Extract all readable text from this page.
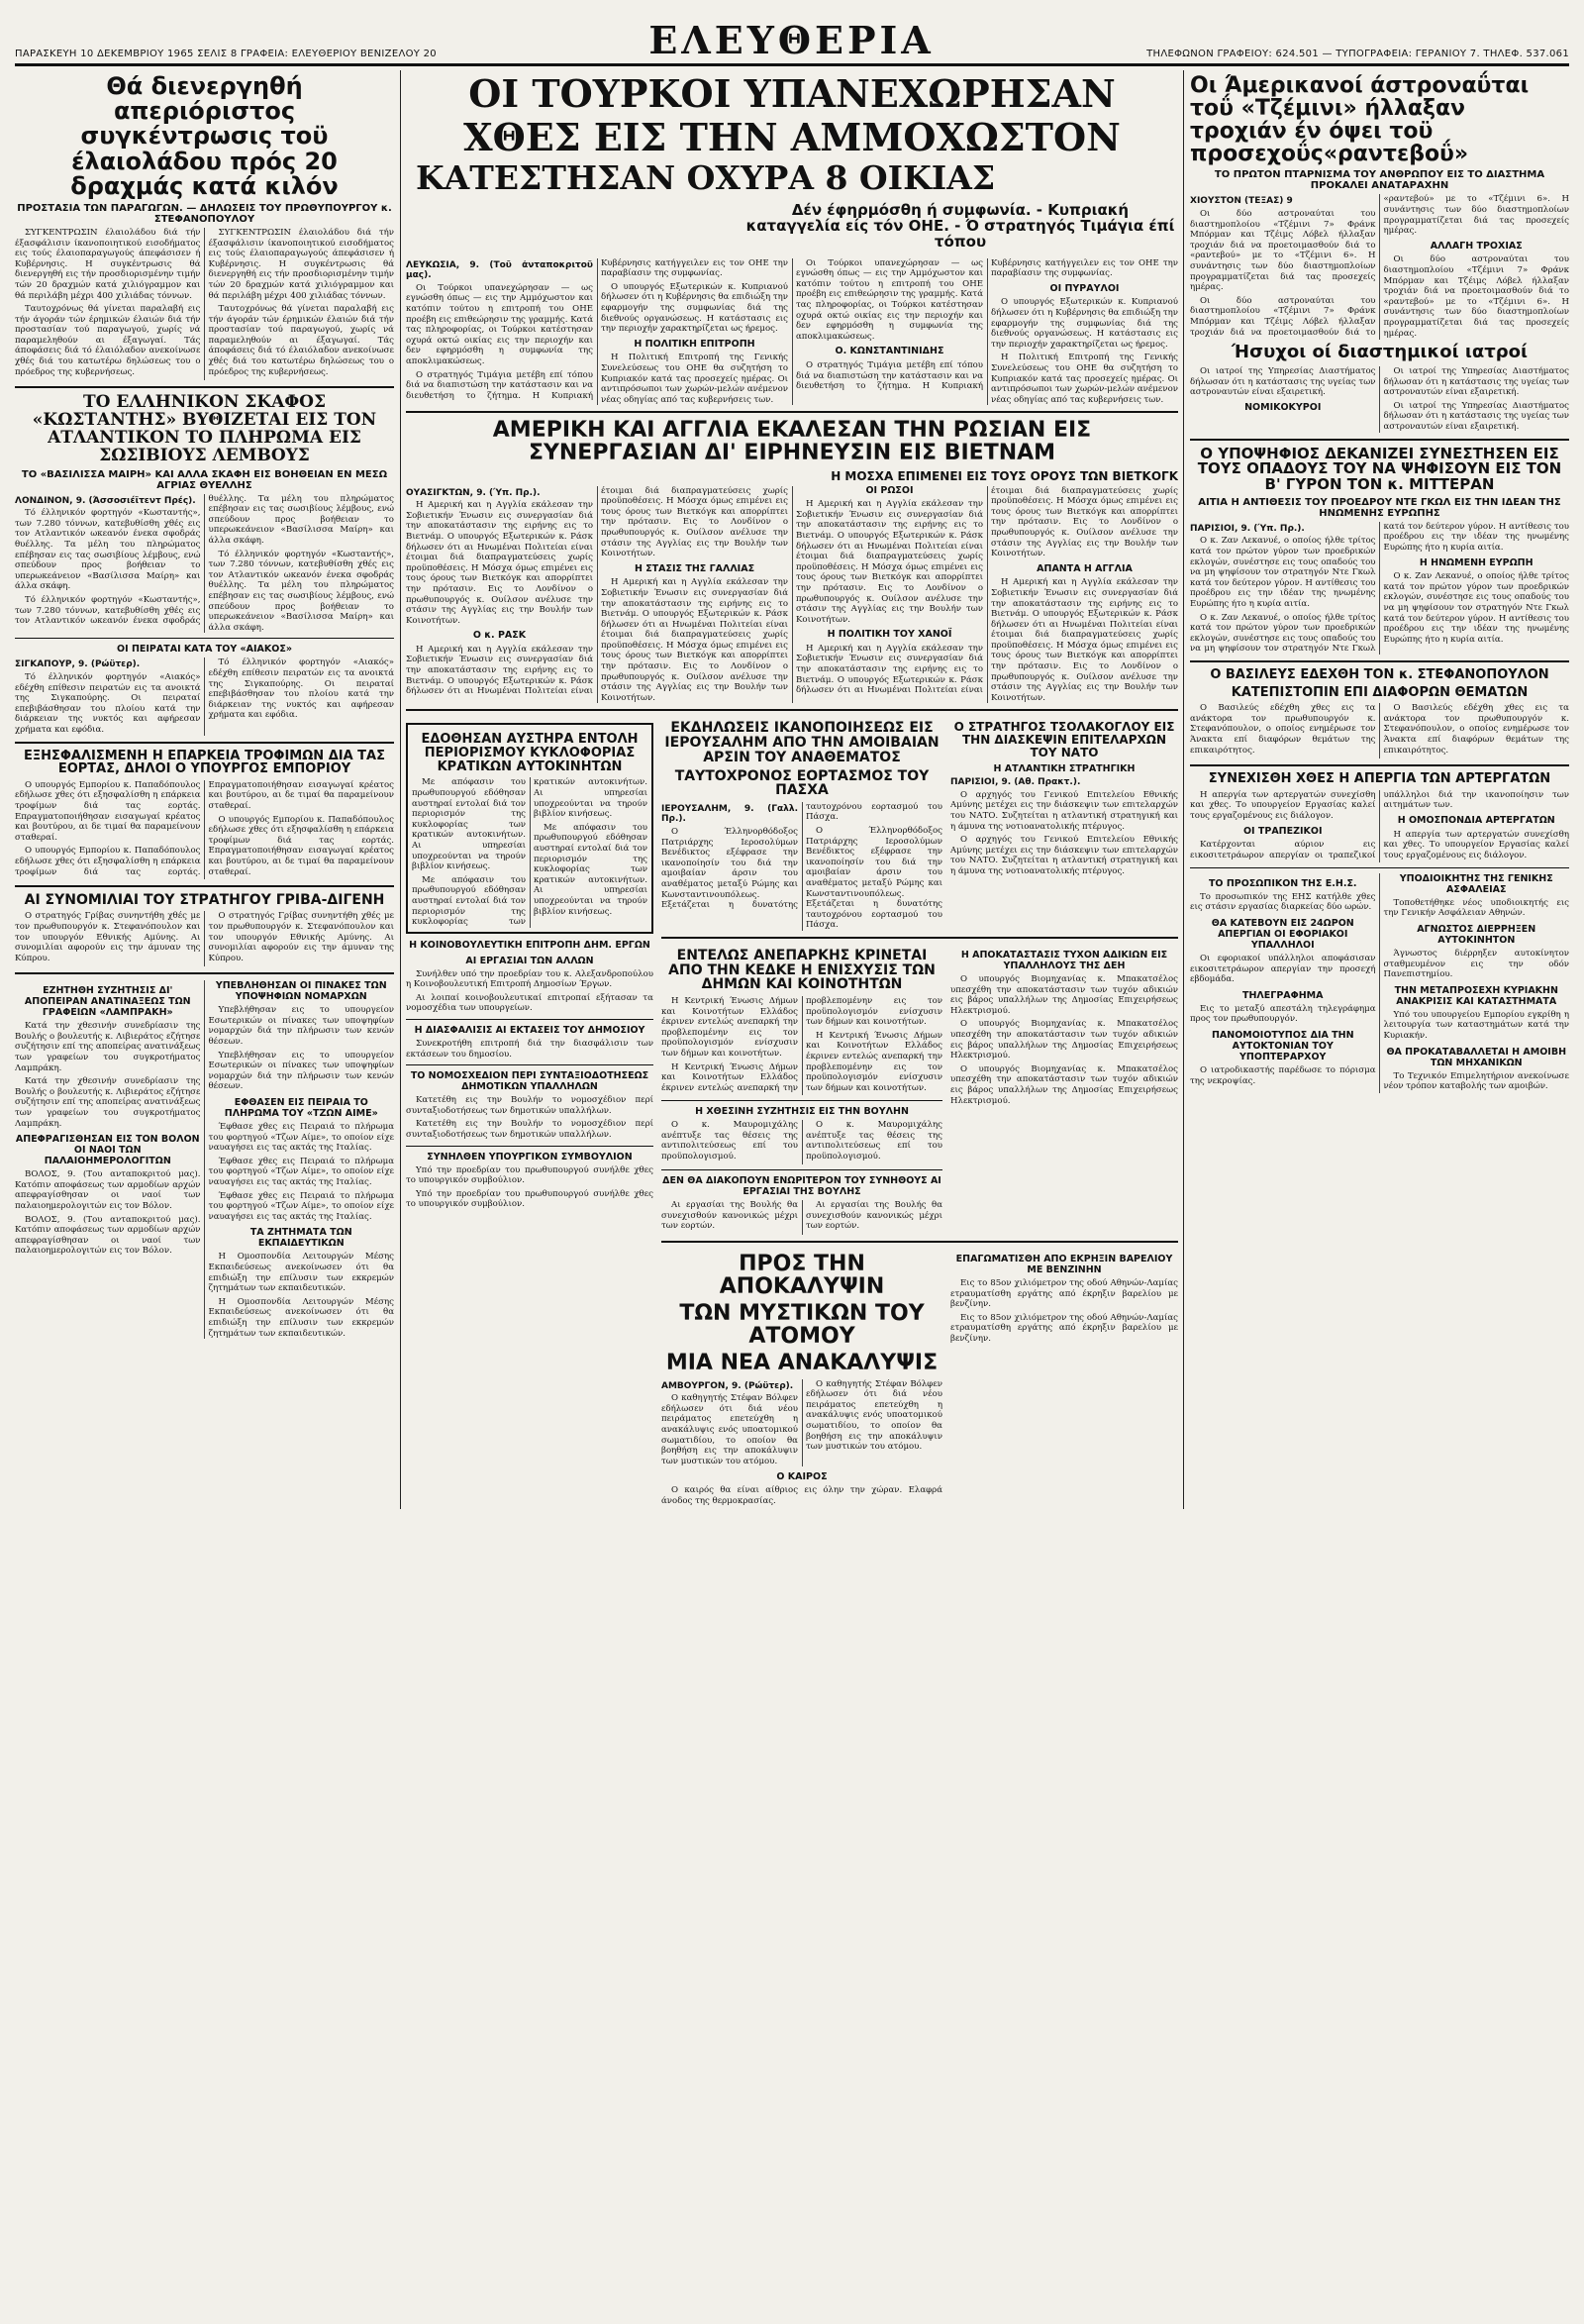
ΠΑΡΑΣΚΕΥΗ 10 ΔΕΚΕΜΒΡΙΟΥ 1965 ΣΕΛΙΣ 8 ΓΡΑΦΕΙΑ: ΕΛΕΥΘΕΡΙΟΥ ΒΕΝΙΖΕΛΟΥ 20	ΕΛΕΥΘΕΡΙΑ	ΤΗΛΕΦΩΝΟΝ ΓΡΑΦΕΙΟΥ: 624.501 — ΤΥΠΟΓΡΑΦΕΙΑ: ΓΕΡΑΝΙΟΥ 7. ΤΗΛΕΦ. 537.061
Θά διενεργηθή απεριόριστος συγκέντρωσις τοϋ έλαιολάδου πρός 20 δραχμάς κατά κιλόν
ΠΡΟΣΤΑΣΙΑ ΤΩΝ ΠΑΡΑΓΩΓΩΝ. — ΔΗΛΩΣΕΙΣ ΤΟΥ ΠΡΩΘΥΠΟΥΡΓΟΥ κ. ΣΤΕΦΑΝΟΠΟΥΛΟΥ

ΣΥΓΚΕΝΤΡΩΣΙΝ έλαιολάδου διά τήν έξασφάλισιν ίκανοποιητικού εισοδήματος εις τούς έλαιοπαραγωγούς άπεφάσισεν ή Κυβέρνησις. Η συγκέντρωσις θά διενεργηθή εις τήν προσδιορισμένην τιμήν τών 20 δραχμών κατά χιλιόγραμμον και θά περιλάβη μέχρι 400 χιλιάδας τόννων.

Ταυτοχρόνως θά γίνεται παραλαβή εις τήν άγοράν τών έρημικών έλαιών διά τήν προστασίαν τού παραγωγού, χωρίς νά παραμεληθούν αι έξαγωγαί. Τάς άποφάσεις διά τό έλαιόλαδον ανεκοίνωσε χθές διά του κατωτέρω δηλώσεως του ο πρόεδρος της κυβερνήσεως.

ΣΥΓΚΕΝΤΡΩΣΙΝ έλαιολάδου διά τήν έξασφάλισιν ίκανοποιητικού εισοδήματος εις τούς έλαιοπαραγωγούς άπεφάσισεν ή Κυβέρνησις. Η συγκέντρωσις θά διενεργηθή εις τήν προσδιορισμένην τιμήν τών 20 δραχμών κατά χιλιόγραμμον και θά περιλάβη μέχρι 400 χιλιάδας τόννων.

Ταυτοχρόνως θά γίνεται παραλαβή εις τήν άγοράν τών έρημικών έλαιών διά τήν προστασίαν τού παραγωγού, χωρίς νά παραμεληθούν αι έξαγωγαί. Τάς άποφάσεις διά τό έλαιόλαδον ανεκοίνωσε χθές διά του κατωτέρω δηλώσεως του ο πρόεδρος της κυβερνήσεως.

ΤΟ ΕΛΛΗΝΙΚΟΝ ΣΚΑΦΟΣ «ΚΩΣΤΑΝΤΗΣ» ΒΥΘΙΖΕΤΑΙ ΕΙΣ ΤΟΝ ΑΤΛΑΝΤΙΚΟΝ ΤΟ ΠΛΗΡΩΜΑ ΕΙΣ ΣΩΣΙΒΙΟΥΣ ΛΕΜΒΟΥΣ
ΤΟ «ΒΑΣΙΛΙΣΣΑ ΜΑΙΡΗ» ΚΑΙ ΑΛΛΑ ΣΚΑΦΗ ΕΙΣ ΒΟΗΘΕΙΑΝ ΕΝ ΜΕΣΩ ΑΓΡΙΑΣ ΘΥΕΛΛΗΣ
ΛΟΝΔΙΝΟΝ, 9. (Άσσοσιέϊτεντ Πρές).

Τό έλληνικόν φορτηγόν «Κωσταντής», των 7.280 τόννων, κατεβυθίσθη χθές εις τον Ατλαντικόν ωκεανόν ένεκα σφοδράς θυέλλης. Τα μέλη του πληρώματος επέβησαν εις τας σωσιβίους λέμβους, ενώ σπεύδουν προς βοήθειαν το υπερωκεάνειον «Βασίλισσα Μαίρη» και άλλα σκάφη.

Τό έλληνικόν φορτηγόν «Κωσταντής», των 7.280 τόννων, κατεβυθίσθη χθές εις τον Ατλαντικόν ωκεανόν ένεκα σφοδράς θυέλλης. Τα μέλη του πληρώματος επέβησαν εις τας σωσιβίους λέμβους, ενώ σπεύδουν προς βοήθειαν το υπερωκεάνειον «Βασίλισσα Μαίρη» και άλλα σκάφη.

Τό έλληνικόν φορτηγόν «Κωσταντής», των 7.280 τόννων, κατεβυθίσθη χθές εις τον Ατλαντικόν ωκεανόν ένεκα σφοδράς θυέλλης. Τα μέλη του πληρώματος επέβησαν εις τας σωσιβίους λέμβους, ενώ σπεύδουν προς βοήθειαν το υπερωκεάνειον «Βασίλισσα Μαίρη» και άλλα σκάφη.

ΟΙ ΠΕΙΡΑΤΑΙ ΚΑΤΑ ΤΟΥ «ΑΙΑΚΟΣ»
ΣΙΓΚΑΠΟΥΡ, 9. (Ρώϋτερ).

Τό έλληνικόν φορτηγόν «Αιακός» εδέχθη επίθεσιν πειρατών εις τα ανοικτά της Σιγκαπούρης. Οι πειραταί επεβιβάσθησαν του πλοίου κατά την διάρκειαν της νυκτός και αφήρεσαν χρήματα και εφόδια.

Τό έλληνικόν φορτηγόν «Αιακός» εδέχθη επίθεσιν πειρατών εις τα ανοικτά της Σιγκαπούρης. Οι πειραταί επεβιβάσθησαν του πλοίου κατά την διάρκειαν της νυκτός και αφήρεσαν χρήματα και εφόδια.

ΕΞΗΣΦΑΛΙΣΜΕΝΗ Η ΕΠΑΡΚΕΙΑ ΤΡΟΦΙΜΩΝ ΔΙΑ ΤΑΣ ΕΟΡΤΑΣ, ΔΗΛΟΙ Ο ΥΠΟΥΡΓΟΣ ΕΜΠΟΡΙΟΥ

Ο υπουργός Εμπορίου κ. Παπαδόπουλος εδήλωσε χθες ότι εξησφαλίσθη η επάρκεια τροφίμων διά τας εορτάς. Επραγματοποιήθησαν εισαγωγαί κρέατος και βουτύρου, αι δε τιμαί θα παραμείνουν σταθεραί.

Ο υπουργός Εμπορίου κ. Παπαδόπουλος εδήλωσε χθες ότι εξησφαλίσθη η επάρκεια τροφίμων διά τας εορτάς. Επραγματοποιήθησαν εισαγωγαί κρέατος και βουτύρου, αι δε τιμαί θα παραμείνουν σταθεραί.

Ο υπουργός Εμπορίου κ. Παπαδόπουλος εδήλωσε χθες ότι εξησφαλίσθη η επάρκεια τροφίμων διά τας εορτάς. Επραγματοποιήθησαν εισαγωγαί κρέατος και βουτύρου, αι δε τιμαί θα παραμείνουν σταθεραί.

ΑΙ ΣΥΝΟΜΙΛΙΑΙ ΤΟΥ ΣΤΡΑΤΗΓΟΥ ΓΡΙΒΑ-ΔΙΓΕΝΗ

Ο στρατηγός Γρίβας συνηντήθη χθές με τον πρωθυπουργόν κ. Στεφανόπουλον και τον υπουργόν Εθνικής Αμύνης. Αι συνομιλίαι αφορούν εις την άμυναν της Κύπρου.

Ο στρατηγός Γρίβας συνηντήθη χθές με τον πρωθυπουργόν κ. Στεφανόπουλον και τον υπουργόν Εθνικής Αμύνης. Αι συνομιλίαι αφορούν εις την άμυναν της Κύπρου.

ΕΖΗΤΗΘΗ ΣΥΖΗΤΗΣΙΣ ΔΙ' ΑΠΟΠΕΙΡΑΝ ΑΝΑΤΙΝΑΞΕΩΣ ΤΩΝ ΓΡΑΦΕΙΩΝ «ΛΑΜΠΡΑΚΗ»

Κατά την χθεσινήν συνεδρίασιν της Βουλής ο βουλευτής κ. Λιβιεράτος εζήτησε συζήτησιν επί της αποπείρας ανατινάξεως των γραφείων του συγκροτήματος Λαμπράκη.

Κατά την χθεσινήν συνεδρίασιν της Βουλής ο βουλευτής κ. Λιβιεράτος εζήτησε συζήτησιν επί της αποπείρας ανατινάξεως των γραφείων του συγκροτήματος Λαμπράκη.

ΑΠΕΦΡΑΓΙΣΘΗΣΑΝ ΕΙΣ ΤΟΝ ΒΟΛΟΝ ΟΙ ΝΑΟΙ ΤΩΝ ΠΑΛΑΙΟΗΜΕΡΟΛΟΓΙΤΩΝ

ΒΟΛΟΣ, 9. (Του ανταποκριτού μας). Κατόπιν αποφάσεως των αρμοδίων αρχών απεφραγίσθησαν οι ναοί των παλαιοημερολογιτών εις τον Βόλον.

ΒΟΛΟΣ, 9. (Του ανταποκριτού μας). Κατόπιν αποφάσεως των αρμοδίων αρχών απεφραγίσθησαν οι ναοί των παλαιοημερολογιτών εις τον Βόλον.

ΥΠΕΒΛΗΘΗΣΑΝ ΟΙ ΠΙΝΑΚΕΣ ΤΩΝ ΥΠΟΨΗΦΙΩΝ ΝΟΜΑΡΧΩΝ

Υπεβλήθησαν εις το υπουργείον Εσωτερικών οι πίνακες των υποψηφίων νομαρχών διά την πλήρωσιν των κενών θέσεων.

Υπεβλήθησαν εις το υπουργείον Εσωτερικών οι πίνακες των υποψηφίων νομαρχών διά την πλήρωσιν των κενών θέσεων.

ΕΦΘΑΣΕΝ ΕΙΣ ΠΕΙΡΑΙΑ ΤΟ ΠΛΗΡΩΜΑ ΤΟΥ «ΤΖΩΝ ΑΙΜΕ»

Έφθασε χθες εις Πειραιά το πλήρωμα του φορτηγού «Τζων Αίμε», το οποίον είχε ναυαγήσει εις τας ακτάς της Ιταλίας.

Έφθασε χθες εις Πειραιά το πλήρωμα του φορτηγού «Τζων Αίμε», το οποίον είχε ναυαγήσει εις τας ακτάς της Ιταλίας.

Έφθασε χθες εις Πειραιά το πλήρωμα του φορτηγού «Τζων Αίμε», το οποίον είχε ναυαγήσει εις τας ακτάς της Ιταλίας.

ΤΑ ΖΗΤΗΜΑΤΑ ΤΩΝ ΕΚΠΑΙΔΕΥΤΙΚΩΝ

Η Ομοσπονδία Λειτουργών Μέσης Εκπαιδεύσεως ανεκοίνωσεν ότι θα επιδιώξη την επίλυσιν των εκκρεμών ζητημάτων των εκπαιδευτικών.

Η Ομοσπονδία Λειτουργών Μέσης Εκπαιδεύσεως ανεκοίνωσεν ότι θα επιδιώξη την επίλυσιν των εκκρεμών ζητημάτων των εκπαιδευτικών.

ΟΙ ΤΟΥΡΚΟΙ ΥΠΑΝΕΧΩΡΗΣΑΝ
ΧΘΕΣ ΕΙΣ ΤΗΝ ΑΜΜΟΧΩΣΤΟΝ
ΚΑΤΕΣΤΗΣΑΝ ΟΧΥΡΑ 8 ΟΙΚΙΑΣ
Δέν έφηρμόσθη ή συμφωνία. - Κυπριακή καταγγελία είς τόν ΟΗΕ. - Ό στρατηγός Τιμάγια έπί τόπου
ΛΕΥΚΩΣΙΑ, 9. (Τοῦ ἀνταποκριτοῦ μας).

Οι Τούρκοι υπανεχώρησαν — ως εγνώσθη όπως — εις την Αμμόχωστον και κατόπιν τούτου η επιτροπή του ΟΗΕ προέβη εις επιθεώρησιν της γραμμής. Κατά τας πληροφορίας, οι Τούρκοι κατέστησαν οχυρά οκτώ οικίας εις την περιοχήν και δεν εφηρμόσθη η συμφωνία της αποκλιμακώσεως.

Ο στρατηγός Τιμάγια μετέβη επί τόπου διά να διαπιστώση την κατάστασιν και να διευθετήση το ζήτημα. Η Κυπριακή Κυβέρνησις κατήγγειλεν εις τον ΟΗΕ την παραβίασιν της συμφωνίας.

Ο υπουργός Εξωτερικών κ. Κυπριανού δήλωσεν ότι η Κυβέρνησις θα επιδιώξη την εφαρμογήν της συμφωνίας διά της διεθνούς οργανώσεως. Η κατάστασις εις την περιοχήν χαρακτηρίζεται ως ήρεμος.

Η ΠΟΛΙΤΙΚΗ ΕΠΙΤΡΟΠΗ

Η Πολιτική Επιτροπή της Γενικής Συνελεύσεως του ΟΗΕ θα συζητήση το Κυπριακόν κατά τας προσεχείς ημέρας. Οι αντιπρόσωποι των χωρών-μελών ανέμενον νέας οδηγίας από τας κυβερνήσεις των.

Οι Τούρκοι υπανεχώρησαν — ως εγνώσθη όπως — εις την Αμμόχωστον και κατόπιν τούτου η επιτροπή του ΟΗΕ προέβη εις επιθεώρησιν της γραμμής. Κατά τας πληροφορίας, οι Τούρκοι κατέστησαν οχυρά οκτώ οικίας εις την περιοχήν και δεν εφηρμόσθη η συμφωνία της αποκλιμακώσεως.

Ο. ΚΩΝΣΤΑΝΤΙΝΙΔΗΣ

Ο στρατηγός Τιμάγια μετέβη επί τόπου διά να διαπιστώση την κατάστασιν και να διευθετήση το ζήτημα. Η Κυπριακή Κυβέρνησις κατήγγειλεν εις τον ΟΗΕ την παραβίασιν της συμφωνίας.

ΟΙ ΠΥΡΑΥΛΟΙ

Ο υπουργός Εξωτερικών κ. Κυπριανού δήλωσεν ότι η Κυβέρνησις θα επιδιώξη την εφαρμογήν της συμφωνίας διά της διεθνούς οργανώσεως. Η κατάστασις εις την περιοχήν χαρακτηρίζεται ως ήρεμος.

Η Πολιτική Επιτροπή της Γενικής Συνελεύσεως του ΟΗΕ θα συζητήση το Κυπριακόν κατά τας προσεχείς ημέρας. Οι αντιπρόσωποι των χωρών-μελών ανέμενον νέας οδηγίας από τας κυβερνήσεις των.

ΑΜΕΡΙΚΗ ΚΑΙ ΑΓΓΛΙΑ ΕΚΑΛΕΣΑΝ ΤΗΝ ΡΩΣΙΑΝ ΕΙΣ ΣΥΝΕΡΓΑΣΙΑΝ ΔΙ' ΕΙΡΗΝΕΥΣΙΝ ΕΙΣ ΒΙΕΤΝΑΜ
Η ΜΟΣΧΑ ΕΠΙΜΕΝΕΙ ΕΙΣ ΤΟΥΣ ΟΡΟΥΣ ΤΩΝ ΒΙΕΤΚΟΓΚ
ΟΥΑΣΙΓΚΤΩΝ, 9. (Ύπ. Πρ.).

Η Αμερική και η Αγγλία εκάλεσαν την Σοβιετικήν Ένωσιν εις συνεργασίαν διά την αποκατάστασιν της ειρήνης εις το Βιετνάμ. Ο υπουργός Εξωτερικών κ. Ράσκ δήλωσεν ότι αι Ηνωμέναι Πολιτείαι είναι έτοιμαι διά διαπραγματεύσεις χωρίς προϋποθέσεις. Η Μόσχα όμως επιμένει εις τους όρους των Βιετκόγκ και απορρίπτει την πρότασιν. Εις το Λονδίνον ο πρωθυπουργός κ. Ουίλσον ανέλυσε την στάσιν της Αγγλίας εις την Βουλήν των Κοινοτήτων.

Ο κ. ΡΑΣΚ

Η Αμερική και η Αγγλία εκάλεσαν την Σοβιετικήν Ένωσιν εις συνεργασίαν διά την αποκατάστασιν της ειρήνης εις το Βιετνάμ. Ο υπουργός Εξωτερικών κ. Ράσκ δήλωσεν ότι αι Ηνωμέναι Πολιτείαι είναι έτοιμαι διά διαπραγματεύσεις χωρίς προϋποθέσεις. Η Μόσχα όμως επιμένει εις τους όρους των Βιετκόγκ και απορρίπτει την πρότασιν. Εις το Λονδίνον ο πρωθυπουργός κ. Ουίλσον ανέλυσε την στάσιν της Αγγλίας εις την Βουλήν των Κοινοτήτων.

Η ΣΤΑΣΙΣ ΤΗΣ ΓΑΛΛΙΑΣ

Η Αμερική και η Αγγλία εκάλεσαν την Σοβιετικήν Ένωσιν εις συνεργασίαν διά την αποκατάστασιν της ειρήνης εις το Βιετνάμ. Ο υπουργός Εξωτερικών κ. Ράσκ δήλωσεν ότι αι Ηνωμέναι Πολιτείαι είναι έτοιμαι διά διαπραγματεύσεις χωρίς προϋποθέσεις. Η Μόσχα όμως επιμένει εις τους όρους των Βιετκόγκ και απορρίπτει την πρότασιν. Εις το Λονδίνον ο πρωθυπουργός κ. Ουίλσον ανέλυσε την στάσιν της Αγγλίας εις την Βουλήν των Κοινοτήτων.

ΟΙ ΡΩΣΟΙ

Η Αμερική και η Αγγλία εκάλεσαν την Σοβιετικήν Ένωσιν εις συνεργασίαν διά την αποκατάστασιν της ειρήνης εις το Βιετνάμ. Ο υπουργός Εξωτερικών κ. Ράσκ δήλωσεν ότι αι Ηνωμέναι Πολιτείαι είναι έτοιμαι διά διαπραγματεύσεις χωρίς προϋποθέσεις. Η Μόσχα όμως επιμένει εις τους όρους των Βιετκόγκ και απορρίπτει την πρότασιν. Εις το Λονδίνον ο πρωθυπουργός κ. Ουίλσον ανέλυσε την στάσιν της Αγγλίας εις την Βουλήν των Κοινοτήτων.

Η ΠΟΛΙΤΙΚΗ ΤΟΥ ΧΑΝΟΪ

Η Αμερική και η Αγγλία εκάλεσαν την Σοβιετικήν Ένωσιν εις συνεργασίαν διά την αποκατάστασιν της ειρήνης εις το Βιετνάμ. Ο υπουργός Εξωτερικών κ. Ράσκ δήλωσεν ότι αι Ηνωμέναι Πολιτείαι είναι έτοιμαι διά διαπραγματεύσεις χωρίς προϋποθέσεις. Η Μόσχα όμως επιμένει εις τους όρους των Βιετκόγκ και απορρίπτει την πρότασιν. Εις το Λονδίνον ο πρωθυπουργός κ. Ουίλσον ανέλυσε την στάσιν της Αγγλίας εις την Βουλήν των Κοινοτήτων.

ΑΠΑΝΤΑ Η ΑΓΓΛΙΑ

Η Αμερική και η Αγγλία εκάλεσαν την Σοβιετικήν Ένωσιν εις συνεργασίαν διά την αποκατάστασιν της ειρήνης εις το Βιετνάμ. Ο υπουργός Εξωτερικών κ. Ράσκ δήλωσεν ότι αι Ηνωμέναι Πολιτείαι είναι έτοιμαι διά διαπραγματεύσεις χωρίς προϋποθέσεις. Η Μόσχα όμως επιμένει εις τους όρους των Βιετκόγκ και απορρίπτει την πρότασιν. Εις το Λονδίνον ο πρωθυπουργός κ. Ουίλσον ανέλυσε την στάσιν της Αγγλίας εις την Βουλήν των Κοινοτήτων.

ΕΔΟΘΗΣΑΝ ΑΥΣΤΗΡΑ ΕΝΤΟΛΗ ΠΕΡΙΟΡΙΣΜΟΥ ΚΥΚΛΟΦΟΡΙΑΣ ΚΡΑΤΙΚΩΝ ΑΥΤΟΚΙΝΗΤΩΝ

Με απόφασιν του πρωθυπουργού εδόθησαν αυστηραί εντολαί διά τον περιορισμόν της κυκλοφορίας των κρατικών αυτοκινήτων. Αι υπηρεσίαι υποχρεούνται να τηρούν βιβλίον κινήσεως.

Με απόφασιν του πρωθυπουργού εδόθησαν αυστηραί εντολαί διά τον περιορισμόν της κυκλοφορίας των κρατικών αυτοκινήτων. Αι υπηρεσίαι υποχρεούνται να τηρούν βιβλίον κινήσεως.

Με απόφασιν του πρωθυπουργού εδόθησαν αυστηραί εντολαί διά τον περιορισμόν της κυκλοφορίας των κρατικών αυτοκινήτων. Αι υπηρεσίαι υποχρεούνται να τηρούν βιβλίον κινήσεως.

Η ΚΟΙΝΟΒΟΥΛΕΥΤΙΚΗ ΕΠΙΤΡΟΠΗ ΔΗΜ. ΕΡΓΩΝ
ΑΙ ΕΡΓΑΣΙΑΙ ΤΩΝ ΑΛΛΩΝ

Συνήλθεν υπό την προεδρίαν του κ. Αλεξανδροπούλου η Κοινοβουλευτική Επιτροπή Δημοσίων Έργων.

Αι λοιπαί κοινοβουλευτικαί επιτροπαί εξήτασαν τα νομοσχέδια των υπουργείων.

Η ΔΙΑΣΦΑΛΙΣΙΣ ΑΙ ΕΚΤΑΣΕΙΣ ΤΟΥ ΔΗΜΟΣΙΟΥ

Συνεκροτήθη επιτροπή διά την διασφάλισιν των εκτάσεων του δημοσίου.

ΤΟ ΝΟΜΟΣΧΕΔΙΟΝ ΠΕΡΙ ΣΥΝΤΑΞΙΟΔΟΤΗΣΕΩΣ ΔΗΜΟΤΙΚΩΝ ΥΠΑΛΛΗΛΩΝ

Κατετέθη εις την Βουλήν το νομοσχέδιον περί συνταξιοδοτήσεως των δημοτικών υπαλλήλων.

Κατετέθη εις την Βουλήν το νομοσχέδιον περί συνταξιοδοτήσεως των δημοτικών υπαλλήλων.

ΣΥΝΗΛΘΕΝ ΥΠΟΥΡΓΙΚΟΝ ΣΥΜΒΟΥΛΙΟΝ

Υπό την προεδρίαν του πρωθυπουργού συνήλθε χθες το υπουργικόν συμβούλιον.

Υπό την προεδρίαν του πρωθυπουργού συνήλθε χθες το υπουργικόν συμβούλιον.

ΕΚΔΗΛΩΣΕΙΣ ΙΚΑΝΟΠΟΙΗΣΕΩΣ ΕΙΣ ΙΕΡΟΥΣΑΛΗΜ ΑΠΟ ΤΗΝ ΑΜΟΙΒΑΙΑΝ ΑΡΣΙΝ ΤΟΥ ΑΝΑΘΕΜΑΤΟΣ
ΤΑΥΤΟΧΡΟΝΟΣ ΕΟΡΤΑΣΜΟΣ ΤΟΥ ΠΑΣΧΑ
ΙΕΡΟΥΣΑΛΗΜ, 9. (Γαλλ. Πρ.).

Ο Έλληνορθόδοξος Πατριάρχης Ιεροσολύμων Βενέδικτος εξέφρασε την ικανοποίησίν του διά την αμοιβαίαν άρσιν του αναθέματος μεταξύ Ρώμης και Κωνσταντινουπόλεως. Εξετάζεται η δυνατότης ταυτοχρόνου εορτασμού του Πάσχα.

Ο Έλληνορθόδοξος Πατριάρχης Ιεροσολύμων Βενέδικτος εξέφρασε την ικανοποίησίν του διά την αμοιβαίαν άρσιν του αναθέματος μεταξύ Ρώμης και Κωνσταντινουπόλεως. Εξετάζεται η δυνατότης ταυτοχρόνου εορτασμού του Πάσχα.

Ο ΣΤΡΑΤΗΓΟΣ ΤΣΟΛΑΚΟΓΛΟΥ ΕΙΣ ΤΗΝ ΔΙΑΣΚΕΨΙΝ ΕΠΙΤΕΛΑΡΧΩΝ ΤΟΥ ΝΑΤΟ
Η ΑΤΛΑΝΤΙΚΗ ΣΤΡΑΤΗΓΙΚΗ
ΠΑΡΙΣΙΟΙ, 9. (Αθ. Πρακτ.).

Ο αρχηγός του Γενικού Επιτελείου Εθνικής Αμύνης μετέχει εις την διάσκεψιν των επιτελαρχών του ΝΑΤΟ. Συζητείται η ατλαντική στρατηγική και η άμυνα της νοτιοανατολικής πτέρυγος.

Ο αρχηγός του Γενικού Επιτελείου Εθνικής Αμύνης μετέχει εις την διάσκεψιν των επιτελαρχών του ΝΑΤΟ. Συζητείται η ατλαντική στρατηγική και η άμυνα της νοτιοανατολικής πτέρυγος.

ΕΝΤΕΛΩΣ ΑΝΕΠΑΡΚΗΣ ΚΡΙΝΕΤΑΙ ΑΠΟ ΤΗΝ ΚΕΔΚΕ Η ΕΝΙΣΧΥΣΙΣ ΤΩΝ ΔΗΜΩΝ ΚΑΙ ΚΟΙΝΟΤΗΤΩΝ

Η Κεντρική Ένωσις Δήμων και Κοινοτήτων Ελλάδος έκρινεν εντελώς ανεπαρκή την προβλεπομένην εις τον προϋπολογισμόν ενίσχυσιν των δήμων και κοινοτήτων.

Η Κεντρική Ένωσις Δήμων και Κοινοτήτων Ελλάδος έκρινεν εντελώς ανεπαρκή την προβλεπομένην εις τον προϋπολογισμόν ενίσχυσιν των δήμων και κοινοτήτων.

Η Κεντρική Ένωσις Δήμων και Κοινοτήτων Ελλάδος έκρινεν εντελώς ανεπαρκή την προβλεπομένην εις τον προϋπολογισμόν ενίσχυσιν των δήμων και κοινοτήτων.

Η ΧΘΕΣΙΝΗ ΣΥΖΗΤΗΣΙΣ ΕΙΣ ΤΗΝ ΒΟΥΛΗΝ

Ο κ. Μαυρομιχάλης ανέπτυξε τας θέσεις της αντιπολιτεύσεως επί του προϋπολογισμού.

Ο κ. Μαυρομιχάλης ανέπτυξε τας θέσεις της αντιπολιτεύσεως επί του προϋπολογισμού.

ΔΕΝ ΘΑ ΔΙΑΚΟΠΟΥΝ ΕΝΩΡΙΤΕΡΟΝ ΤΟΥ ΣΥΝΗΘΟΥΣ ΑΙ ΕΡΓΑΣΙΑΙ ΤΗΣ ΒΟΥΛΗΣ

Αι εργασίαι της Βουλής θα συνεχισθούν κανονικώς μέχρι των εορτών.

Αι εργασίαι της Βουλής θα συνεχισθούν κανονικώς μέχρι των εορτών.

Η ΑΠΟΚΑΤΑΣΤΑΣΙΣ ΤΥΧΟΝ ΑΔΙΚΙΩΝ ΕΙΣ ΥΠΑΛΛΗΛΟΥΣ ΤΗΣ ΔΕΗ

Ο υπουργός Βιομηχανίας κ. Μπακατσέλος υπεσχέθη την αποκατάστασιν των τυχόν αδικιών εις βάρος υπαλλήλων της Δημοσίας Επιχειρήσεως Ηλεκτρισμού.

Ο υπουργός Βιομηχανίας κ. Μπακατσέλος υπεσχέθη την αποκατάστασιν των τυχόν αδικιών εις βάρος υπαλλήλων της Δημοσίας Επιχειρήσεως Ηλεκτρισμού.

Ο υπουργός Βιομηχανίας κ. Μπακατσέλος υπεσχέθη την αποκατάστασιν των τυχόν αδικιών εις βάρος υπαλλήλων της Δημοσίας Επιχειρήσεως Ηλεκτρισμού.

ΠΡΟΣ ΤΗΝ ΑΠΟΚΑΛΥΨΙΝ
ΤΩΝ ΜΥΣΤΙΚΩΝ ΤΟΥ ΑΤΟΜΟΥ
ΜΙΑ ΝΕΑ ΑΝΑΚΑΛΥΨΙΣ
ΑΜΒΟΥΡΓΟΝ, 9. (Ρώϋτερ).

Ο καθηγητής Στέφαν Βόλφεν εδήλωσεν ότι διά νέου πειράματος επετεύχθη η ανακάλυψις ενός υποατομικού σωματιδίου, το οποίον θα βοηθήση εις την αποκάλυψιν των μυστικών του ατόμου.

Ο καθηγητής Στέφαν Βόλφεν εδήλωσεν ότι διά νέου πειράματος επετεύχθη η ανακάλυψις ενός υποατομικού σωματιδίου, το οποίον θα βοηθήση εις την αποκάλυψιν των μυστικών του ατόμου.

Ο ΚΑΙΡΟΣ

Ο καιρός θα είναι αίθριος εις όλην την χώραν. Ελαφρά άνοδος της θερμοκρασίας.

ΕΠΑΓΩΜΑΤΙΣΘΗ ΑΠΟ ΕΚΡΗΞΙΝ ΒΑΡΕΛΙΟΥ ΜΕ ΒΕΝΖΙΝΗΝ

Εις το 85ον χιλιόμετρον της οδού Αθηνών-Λαμίας ετραυματίσθη εργάτης από έκρηξιν βαρελίου με βενζίνην.

Εις το 85ον χιλιόμετρον της οδού Αθηνών-Λαμίας ετραυματίσθη εργάτης από έκρηξιν βαρελίου με βενζίνην.

Οι Άμερικανοί άστροναΰται τοΰ «Τζέμινι» ήλλαξαν τροχιάν έν όψει τοϋ προσεχοΰς«ραντεβοΰ»
ΤΟ ΠΡΩΤΟΝ ΠΤΑΡΝΙΣΜΑ ΤΟΥ ΑΝΘΡΩΠΟΥ ΕΙΣ ΤΟ ΔΙΑΣΤΗΜΑ ΠΡΟΚΑΛΕΙ ΑΝΑΤΑΡΑΧΗΝ
ΧΙΟΥΣΤΟΝ (ΤΕΞΑΣ) 9

Οι δύο αστροναύται του διαστημοπλοίου «Τζέμινι 7» Φράνκ Μπόρμαν και Τζέιμς Λόβελ ήλλαξαν τροχιάν διά να προετοιμασθούν διά το «ραντεβού» με το «Τζέμινι 6». Η συνάντησις των δύο διαστημοπλοίων προγραμματίζεται διά τας προσεχείς ημέρας.

Οι δύο αστροναύται του διαστημοπλοίου «Τζέμινι 7» Φράνκ Μπόρμαν και Τζέιμς Λόβελ ήλλαξαν τροχιάν διά να προετοιμασθούν διά το «ραντεβού» με το «Τζέμινι 6». Η συνάντησις των δύο διαστημοπλοίων προγραμματίζεται διά τας προσεχείς ημέρας.

ΑΛΛΑΓΗ ΤΡΟΧΙΑΣ

Οι δύο αστροναύται του διαστημοπλοίου «Τζέμινι 7» Φράνκ Μπόρμαν και Τζέιμς Λόβελ ήλλαξαν τροχιάν διά να προετοιμασθούν διά το «ραντεβού» με το «Τζέμινι 6». Η συνάντησις των δύο διαστημοπλοίων προγραμματίζεται διά τας προσεχείς ημέρας.

Ήσυχοι οί διαστημικοί ιατροί

Οι ιατροί της Υπηρεσίας Διαστήματος δήλωσαν ότι η κατάστασις της υγείας των αστροναυτών είναι εξαιρετική.

ΝΟΜΙΚΟΚΥΡΟΙ

Οι ιατροί της Υπηρεσίας Διαστήματος δήλωσαν ότι η κατάστασις της υγείας των αστροναυτών είναι εξαιρετική.

Οι ιατροί της Υπηρεσίας Διαστήματος δήλωσαν ότι η κατάστασις της υγείας των αστροναυτών είναι εξαιρετική.

Ο ΥΠΟΨΗΦΙΟΣ ΔΕΚΑΝΙΖΕΙ ΣΥΝΕΣΤΗΣΕΝ ΕΙΣ ΤΟΥΣ ΟΠΑΔΟΥΣ ΤΟΥ ΝΑ ΨΗΦΙΣΟΥΝ ΕΙΣ ΤΟΝ Β' ΓΥΡΟΝ ΤΟΝ κ. ΜΙΤΤΕΡΑΝ
ΑΙΤΙΑ Η ΑΝΤΙΘΕΣΙΣ ΤΟΥ ΠΡΟΕΔΡΟΥ ΝΤΕ ΓΚΩΛ ΕΙΣ ΤΗΝ ΙΔΕΑΝ ΤΗΣ ΗΝΩΜΕΝΗΣ ΕΥΡΩΠΗΣ
ΠΑΡΙΣΙΟΙ, 9. (Ύπ. Πρ.).

Ο κ. Ζαν Λεκανυέ, ο οποίος ήλθε τρίτος κατά τον πρώτον γύρον των προεδρικών εκλογών, συνέστησε εις τους οπαδούς του να μη ψηφίσουν τον στρατηγόν Ντε Γκωλ κατά τον δεύτερον γύρον. Η αντίθεσις του προέδρου εις την ιδέαν της ηνωμένης Ευρώπης ήτο η κυρία αιτία.

Ο κ. Ζαν Λεκανυέ, ο οποίος ήλθε τρίτος κατά τον πρώτον γύρον των προεδρικών εκλογών, συνέστησε εις τους οπαδούς του να μη ψηφίσουν τον στρατηγόν Ντε Γκωλ κατά τον δεύτερον γύρον. Η αντίθεσις του προέδρου εις την ιδέαν της ηνωμένης Ευρώπης ήτο η κυρία αιτία.

Η ΗΝΩΜΕΝΗ ΕΥΡΩΠΗ

Ο κ. Ζαν Λεκανυέ, ο οποίος ήλθε τρίτος κατά τον πρώτον γύρον των προεδρικών εκλογών, συνέστησε εις τους οπαδούς του να μη ψηφίσουν τον στρατηγόν Ντε Γκωλ κατά τον δεύτερον γύρον. Η αντίθεσις του προέδρου εις την ιδέαν της ηνωμένης Ευρώπης ήτο η κυρία αιτία.

Ο ΒΑΣΙΛΕΥΣ ΕΔΕΧΘΗ ΤΟΝ κ. ΣΤΕΦΑΝΟΠΟΥΛΟΝ
ΚΑΤΕΠΙΣΤΟΠΙΝ ΕΠΙ ΔΙΑΦΟΡΩΝ ΘΕΜΑΤΩΝ

Ο Βασιλεύς εδέχθη χθες εις τα ανάκτορα τον πρωθυπουργόν κ. Στεφανόπουλον, ο οποίος ενημέρωσε τον Άνακτα επί διαφόρων θεμάτων της επικαιρότητος.

Ο Βασιλεύς εδέχθη χθες εις τα ανάκτορα τον πρωθυπουργόν κ. Στεφανόπουλον, ο οποίος ενημέρωσε τον Άνακτα επί διαφόρων θεμάτων της επικαιρότητος.

ΣΥΝΕΧΙΣΘΗ ΧΘΕΣ Η ΑΠΕΡΓΙΑ ΤΩΝ ΑΡΤΕΡΓΑΤΩΝ

Η απεργία των αρτεργατών συνεχίσθη και χθες. Το υπουργείον Εργασίας καλεί τους εργαζομένους εις διάλογον.

ΟΙ ΤΡΑΠΕΖΙΚΟΙ

Κατέρχονται αύριον εις εικοσιτετράωρον απεργίαν οι τραπεζικοί υπάλληλοι διά την ικανοποίησιν των αιτημάτων των.

Η ΟΜΟΣΠΟΝΔΙΑ ΑΡΤΕΡΓΑΤΩΝ

Η απεργία των αρτεργατών συνεχίσθη και χθες. Το υπουργείον Εργασίας καλεί τους εργαζομένους εις διάλογον.

ΤΟ ΠΡΟΣΩΠΙΚΟΝ ΤΗΣ Ε.Η.Σ.

Το προσωπικόν της ΕΗΣ κατήλθε χθες εις στάσιν εργασίας διαρκείας δύο ωρών.

ΘΑ ΚΑΤΕΒΟΥΝ ΕΙΣ 24ΩΡΟΝ ΑΠΕΡΓΙΑΝ ΟΙ ΕΦΟΡΙΑΚΟΙ ΥΠΑΛΛΗΛΟΙ

Οι εφοριακοί υπάλληλοι αποφάσισαν εικοσιτετράωρον απεργίαν την προσεχή εβδομάδα.

ΤΗΛΕΓΡΑΦΗΜΑ

Εις το μεταξύ απεστάλη τηλεγράφημα προς τον πρωθυπουργόν.

ΠΑΝΟΜΟΙΟΤΥΠΟΣ ΔΙΑ ΤΗΝ ΑΥΤΟΚΤΟΝΙΑΝ ΤΟΥ ΥΠΟΠΤΕΡΑΡΧΟΥ

Ο ιατροδικαστής παρέδωσε το πόρισμα της νεκροψίας.

ΥΠΟΔΙΟΙΚΗΤΗΣ ΤΗΣ ΓΕΝΙΚΗΣ ΑΣΦΑΛΕΙΑΣ

Τοποθετήθηκε νέος υποδιοικητής εις την Γενικήν Ασφάλειαν Αθηνών.

ΑΓΝΩΣΤΟΣ ΔΙΕΡΡΗΞΕΝ ΑΥΤΟΚΙΝΗΤΟΝ

Άγνωστος διέρρηξεν αυτοκίνητον σταθμευμένον εις την οδόν Πανεπιστημίου.

ΤΗΝ ΜΕΤΑΠΡΟΣΕΧΗ ΚΥΡΙΑΚΗΝ ΑΝΑΚΡΙΣΙΣ ΚΑΙ ΚΑΤΑΣΤΗΜΑΤΑ

Υπό του υπουργείου Εμπορίου εγκρίθη η λειτουργία των καταστημάτων κατά την Κυριακήν.

ΘΑ ΠΡΟΚΑΤΑΒΑΛΛΕΤΑΙ Η ΑΜΟΙΒΗ ΤΩΝ ΜΗΧΑΝΙΚΩΝ

Το Τεχνικόν Επιμελητήριον ανεκοίνωσε νέον τρόπον καταβολής των αμοιβών.
